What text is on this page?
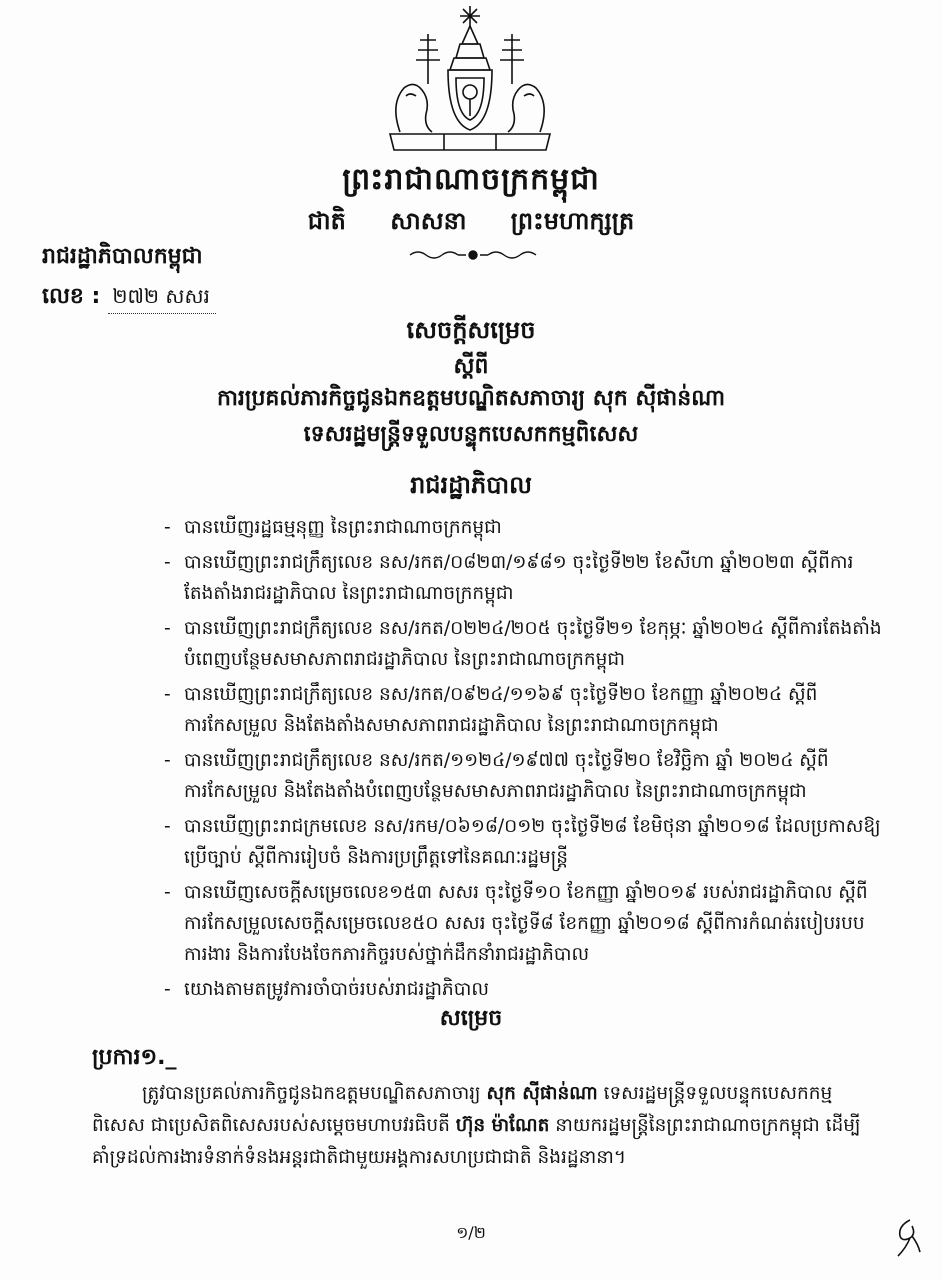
ព្រះរាជាណាចក្រកម្ពុជា
ជាតិ សាសនា ព្រះមហាក្សត្រ
រាជរដ្ឋាភិបាលកម្ពុជា
លេខ : ២៧២ សសរ
សេចក្ដីសម្រេច
ស្ដីពី
ការប្រគល់ភារកិច្ចជូនឯកឧត្តមបណ្ឌិតសភាចារ្យ សុក ស៊ីផាន់ណា
ទេសរដ្ឋមន្ត្រីទទួលបន្ទុកបេសកកម្មពិសេស
រាជរដ្ឋាភិបាល
- បានឃើញរដ្ឋធម្មនុញ្ញ នៃព្រះរាជាណាចក្រកម្ពុជា
- បានឃើញព្រះរាជក្រឹត្យលេខ នស/រកត/០៨២៣/១៩៨១ ចុះថ្ងៃទី២២ ខែសីហា ឆ្នាំ២០២៣ ស្ដីពីការតែងតាំងរាជរដ្ឋាភិបាល នៃព្រះរាជាណាចក្រកម្ពុជា
- បានឃើញព្រះរាជក្រឹត្យលេខ នស/រកត/០២២៤/២០៥ ចុះថ្ងៃទី២១ ខែកុម្ភៈ ឆ្នាំ២០២៤ ស្ដីពីការតែងតាំងបំពេញបន្ថែមសមាសភាពរាជរដ្ឋាភិបាល នៃព្រះរាជាណាចក្រកម្ពុជា
- បានឃើញព្រះរាជក្រឹត្យលេខ នស/រកត/០៩២៤/១១៦៩ ចុះថ្ងៃទី២០ ខែកញ្ញា ឆ្នាំ២០២៤ ស្ដីពីការកែសម្រួល និងតែងតាំងសមាសភាពរាជរដ្ឋាភិបាល នៃព្រះរាជាណាចក្រកម្ពុជា
- បានឃើញព្រះរាជក្រឹត្យលេខ នស/រកត/១១២៤/១៩៧៧ ចុះថ្ងៃទី២០ ខែវិច្ឆិកា ឆ្នាំ ២០២៤ ស្ដីពីការកែសម្រួល និងតែងតាំងបំពេញបន្ថែមសមាសភាពរាជរដ្ឋាភិបាល នៃព្រះរាជាណាចក្រកម្ពុជា
- បានឃើញព្រះរាជក្រមលេខ នស/រកម/០៦១៨/០១២ ចុះថ្ងៃទី២៨ ខែមិថុនា ឆ្នាំ២០១៨ ដែលប្រកាសឱ្យប្រើច្បាប់ ស្ដីពីការរៀបចំ និងការប្រព្រឹត្តទៅនៃគណៈរដ្ឋមន្ត្រី
- បានឃើញសេចក្ដីសម្រេចលេខ១៥៣ សសរ ចុះថ្ងៃទី១០ ខែកញ្ញា ឆ្នាំ២០១៩ របស់រាជរដ្ឋាភិបាល ស្ដីពីការកែសម្រួលសេចក្ដីសម្រេចលេខ៥០ សសរ ចុះថ្ងៃទី៨ ខែកញ្ញា ឆ្នាំ២០១៨ ស្ដីពីការកំណត់របៀបរបបការងារ និងការបែងចែកភារកិច្ចរបស់ថ្នាក់ដឹកនាំរាជរដ្ឋាភិបាល
- យោងតាមតម្រូវការចាំបាច់របស់រាជរដ្ឋាភិបាល
សម្រេច
ប្រការ១._

ត្រូវបានប្រគល់ភារកិច្ចជូនឯកឧត្តមបណ្ឌិតសភាចារ្យ សុក ស៊ីផាន់ណា ទេសរដ្ឋមន្ត្រីទទួលបន្ទុកបេសកកម្មពិសេស ជាប្រេសិតពិសេសរបស់សម្ដេចមហាបវរធិបតី ហ៊ុន ម៉ាណែត នាយករដ្ឋមន្ត្រីនៃព្រះរាជាណាចក្រកម្ពុជា ដើម្បីគាំទ្រដល់ការងារទំនាក់ទំនងអន្តរជាតិជាមួយអង្គការសហប្រជាជាតិ និងរដ្ឋនានា។

១/២
